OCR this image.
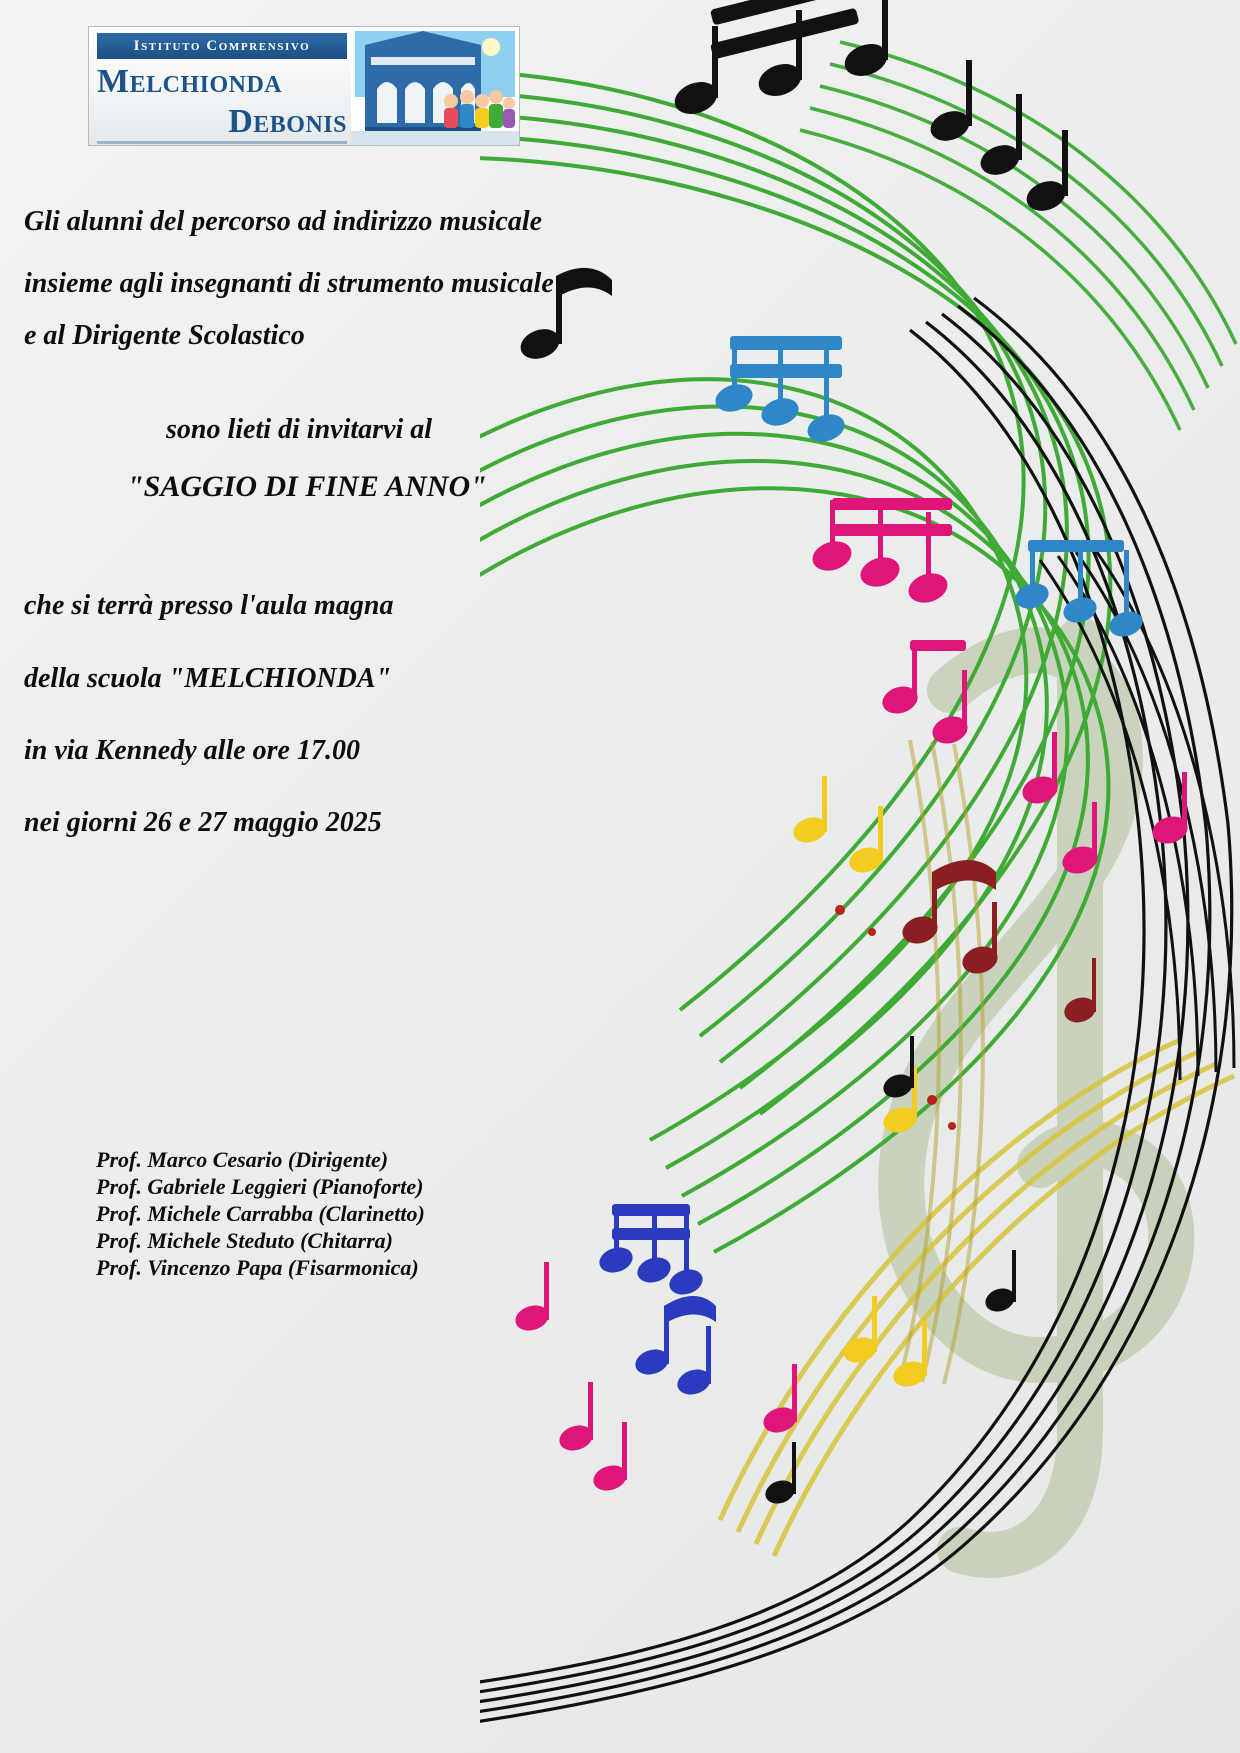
Istituto Comprensivo
Melchionda
Debonis
Gli alunni del percorso ad indirizzo musicale
insieme agli insegnanti di strumento musicale
e al Dirigente Scolastico
sono lieti di invitarvi al
"SAGGIO DI FINE ANNO"
che si terrà presso l'aula magna
della scuola "MELCHIONDA"
in via Kennedy alle ore 17.00
nei giorni 26 e 27 maggio 2025
Prof. Marco Cesario (Dirigente)
Prof. Gabriele Leggieri (Pianoforte)
Prof. Michele Carrabba (Clarinetto)
Prof. Michele Steduto (Chitarra)
Prof. Vincenzo Papa (Fisarmonica)
